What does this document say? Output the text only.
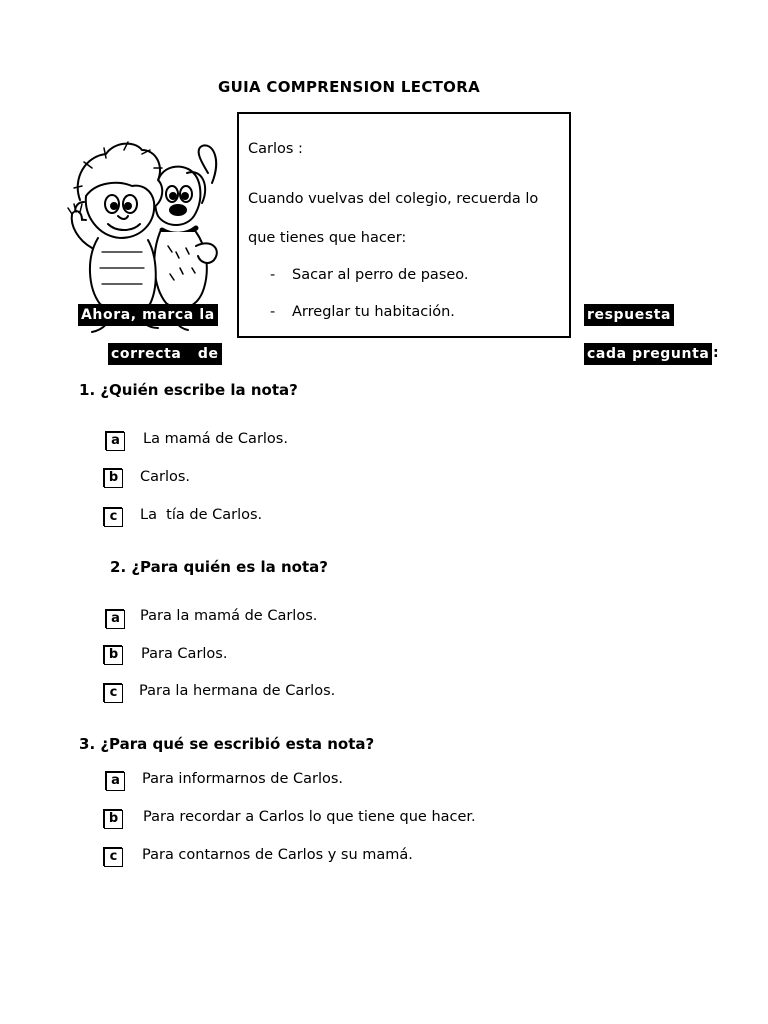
GUIA COMPRENSION LECTORA
Carlos :
Cuando vuelvas del colegio, recuerda lo
que tienes que hacer:
- Sacar al perro de paseo.
- Arreglar tu habitación.
Ahora, marca la	respuesta
correcta   de	cada pregunta :
1. ¿Quién escribe la nota?
a	La mamá de Carlos.
b	Carlos.
c	La  tía de Carlos.
2. ¿Para quién es la nota?
a	Para la mamá de Carlos.
b	Para Carlos.
c	Para la hermana de Carlos.
3. ¿Para qué se escribió esta nota?
a	Para informarnos de Carlos.
b	Para recordar a Carlos lo que tiene que hacer.
c	Para contarnos de Carlos y su mamá.
